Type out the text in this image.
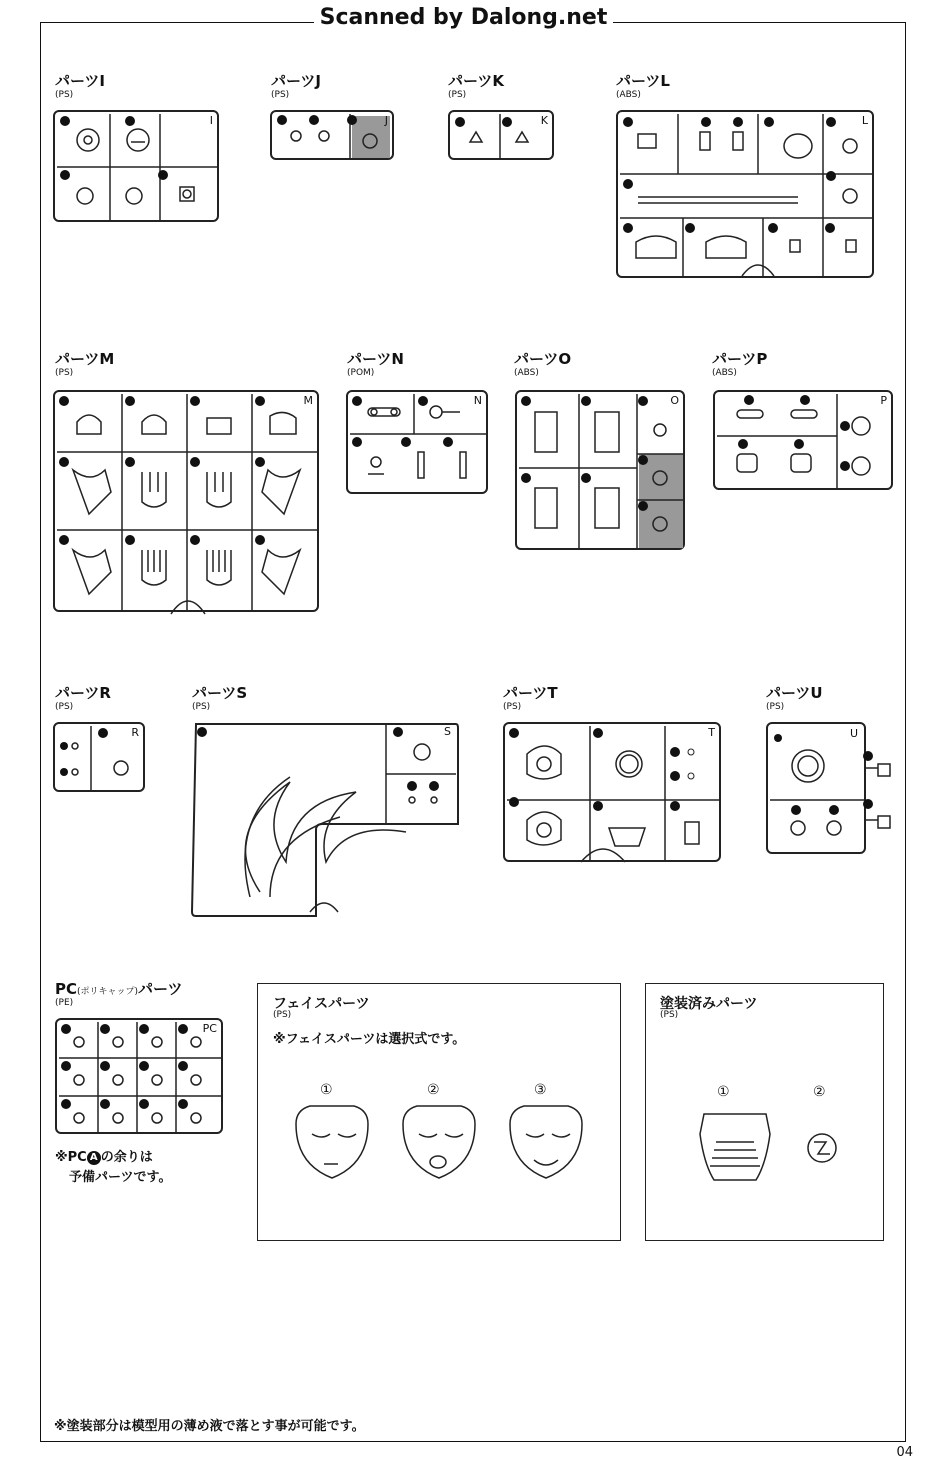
Scanned by Dalong.net
パーツI
(PS)
パーツJ
(PS)
パーツK
(PS)
パーツL
(ABS)
I	J	K	L
パーツM
(PS)
パーツN
(POM)
パーツO
(ABS)
パーツP
(ABS)
M	N	O	P
パーツR
(PS)
パーツS
(PS)
パーツT
(PS)
パーツU
(PS)
R	S	T	U
PC(ポリキャップ)パーツ
(PE)
PC
※PC A の余りは
予備パーツです。
フェイスパーツ
(PS)
※フェイスパーツは選択式です。
①	②	③
塗装済みパーツ
(PS)
①	②
※塗装部分は模型用の薄め液で落とす事が可能です。
04
